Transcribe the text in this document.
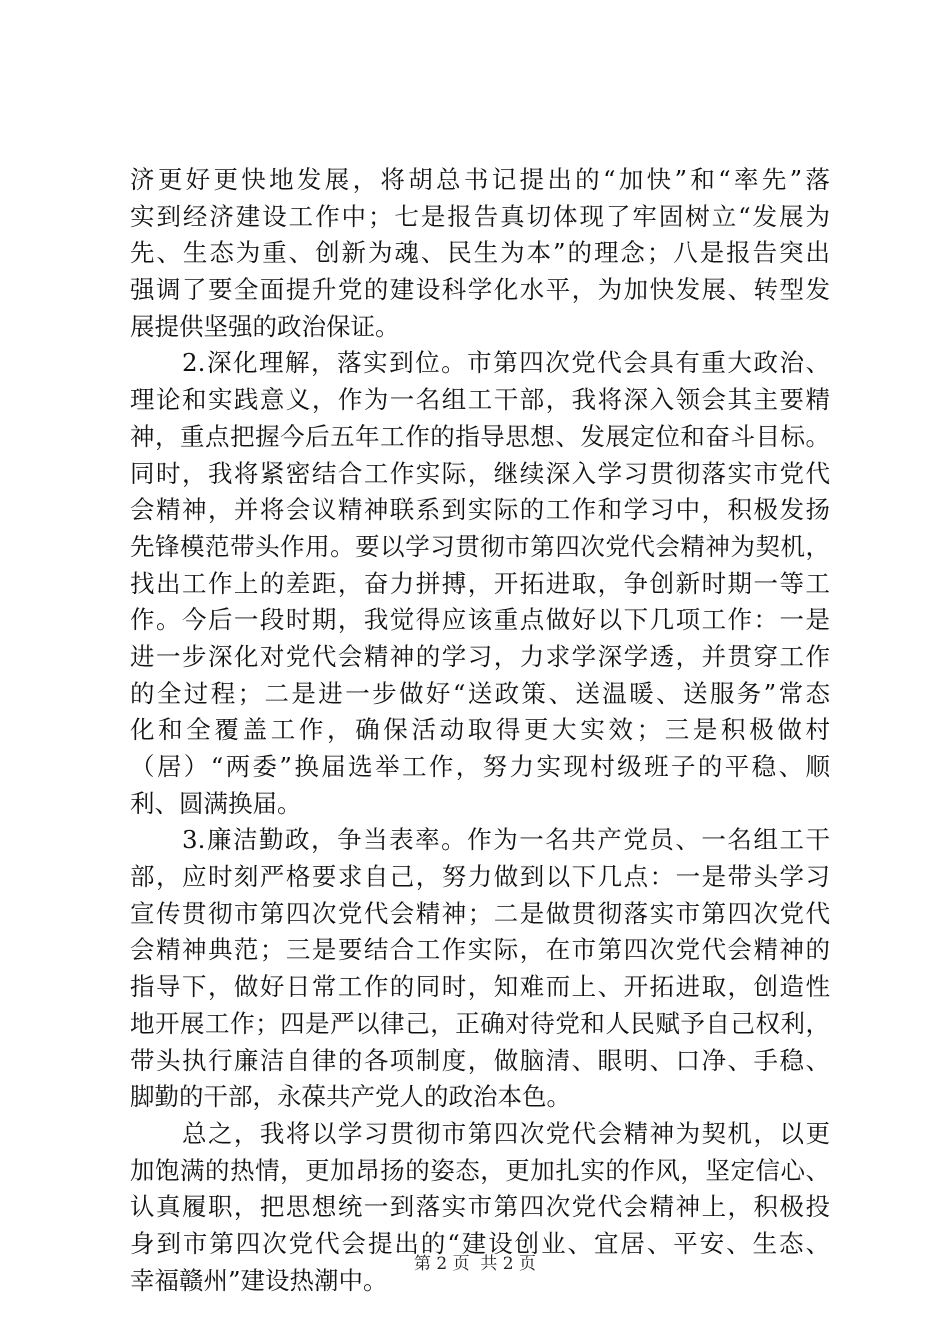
济更好更快地发展，将胡总书记提出的“加快”和“率先”落
实到经济建设工作中；七是报告真切体现了牢固树立“发展为
先、生态为重、创新为魂、民生为本”的理念；八是报告突出
强调了要全面提升党的建设科学化水平，为加快发展、转型发
展提供坚强的政治保证。
　　2.深化理解，落实到位。市第四次党代会具有重大政治、
理论和实践意义，作为一名组工干部，我将深入领会其主要精
神，重点把握今后五年工作的指导思想、发展定位和奋斗目标。
同时，我将紧密结合工作实际，继续深入学习贯彻落实市党代
会精神，并将会议精神联系到实际的工作和学习中，积极发扬
先锋模范带头作用。要以学习贯彻市第四次党代会精神为契机，
找出工作上的差距，奋力拼搏，开拓进取，争创新时期一等工
作。今后一段时期，我觉得应该重点做好以下几项工作：一是
进一步深化对党代会精神的学习，力求学深学透，并贯穿工作
的全过程；二是进一步做好“送政策、送温暖、送服务”常态
化和全覆盖工作，确保活动取得更大实效；三是积极做村
（居）“两委”换届选举工作，努力实现村级班子的平稳、顺
利、圆满换届。
　　3.廉洁勤政，争当表率。作为一名共产党员、一名组工干
部，应时刻严格要求自己，努力做到以下几点：一是带头学习
宣传贯彻市第四次党代会精神；二是做贯彻落实市第四次党代
会精神典范；三是要结合工作实际，在市第四次党代会精神的
指导下，做好日常工作的同时，知难而上、开拓进取，创造性
地开展工作；四是严以律己，正确对待党和人民赋予自己权利，
带头执行廉洁自律的各项制度，做脑清、眼明、口净、手稳、
脚勤的干部，永葆共产党人的政治本色。
　　总之，我将以学习贯彻市第四次党代会精神为契机，以更
加饱满的热情，更加昂扬的姿态，更加扎实的作风，坚定信心、
认真履职，把思想统一到落实市第四次党代会精神上，积极投
身到市第四次党代会提出的“建设创业、宜居、平安、生态、
幸福赣州”建设热潮中。
第 2 页  共 2 页
